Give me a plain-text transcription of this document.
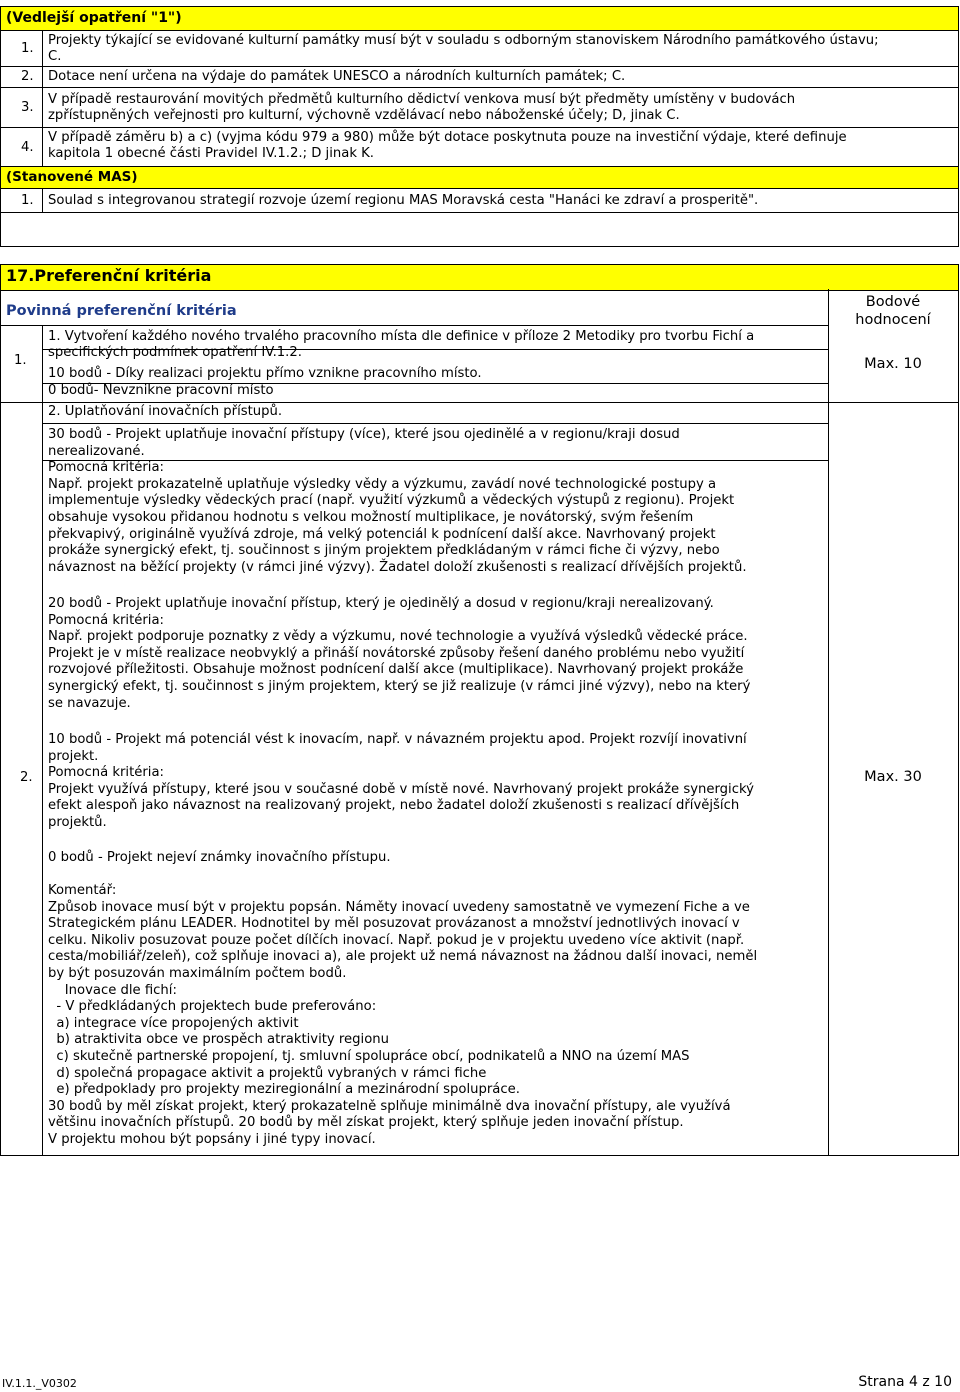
(Vedlejší opatření "1")
1.
Projekty týkající se evidované kulturní památky musí být v souladu s odborným stanoviskem Národního památkového ústavu;
C.
2. Dotace není určena na výdaje do památek UNESCO a národních kulturních památek; C.
3.
V případě restaurování movitých předmětů kulturního dědictví venkova musí být předměty umístěny v budovách
zpřístupněných veřejnosti pro kulturní, výchovně vzdělávací nebo náboženské účely; D, jinak C.
4.
V případě záměru b) a c) (vyjma kódu 979 a 980) může být dotace poskytnuta pouze na investiční výdaje, které definuje
kapitola 1 obecné části Pravidel IV.1.2.; D jinak K.
(Stanovené MAS)
1. Soulad s integrovanou strategií rozvoje území regionu MAS Moravská cesta "Hanáci ke zdraví a prosperitě".
17.Preferenční kritéria
Povinná preferenční kritéria
Bodové
hodnocení
1.
1. Vytvoření každého nového trvalého pracovního místa dle definice v příloze 2 Metodiky pro tvorbu Fichí a
specifických podmínek opatření IV.1.2.
10 bodů - Díky realizaci projektu přímo vznikne pracovního místo.
0 bodů- Nevznikne pracovní místo
Max. 10
2.
2. Uplatňování inovačních přístupů.
Max. 30
30 bodů - Projekt uplatňuje inovační přístupy (více), které jsou ojedinělé a v regionu/kraji dosud
nerealizované.
Pomocná kritéria:
Např. projekt prokazatelně uplatňuje výsledky vědy a výzkumu, zavádí nové technologické postupy a
implementuje výsledky vědeckých prací (např. využití výzkumů a vědeckých výstupů z regionu). Projekt
obsahuje vysokou přidanou hodnotu s velkou možností multiplikace, je novátorský, svým řešením
překvapivý, originálně využívá zdroje, má velký potenciál k podnícení další akce. Navrhovaný projekt
prokáže synergický efekt, tj. součinnost s jiným projektem předkládaným v rámci fiche či výzvy, nebo
návaznost na běžící projekty (v rámci jiné výzvy). Žadatel doloží zkušenosti s realizací dřívějších projektů.
20 bodů - Projekt uplatňuje inovační přístup, který je ojedinělý a dosud v regionu/kraji nerealizovaný.
Pomocná kritéria:
Např. projekt podporuje poznatky z vědy a výzkumu, nové technologie a využívá výsledků vědecké práce.
Projekt je v místě realizace neobvyklý a přináší novátorské způsoby řešení daného problému nebo využití
rozvojové příležitosti. Obsahuje možnost podnícení další akce (multiplikace). Navrhovaný projekt prokáže
synergický efekt, tj. součinnost s jiným projektem, který se již realizuje (v rámci jiné výzvy), nebo na který
se navazuje.
10 bodů - Projekt má potenciál vést k inovacím, např. v návazném projektu apod. Projekt rozvíjí inovativní
projekt.
Pomocná kritéria:
Projekt využívá přístupy, které jsou v současné době v místě nové. Navrhovaný projekt prokáže synergický
efekt alespoň jako návaznost na realizovaný projekt, nebo žadatel doloží zkušenosti s realizací dřívějších
projektů.
0 bodů - Projekt nejeví známky inovačního přístupu.
Komentář:
Způsob inovace musí být v projektu popsán. Náměty inovací uvedeny samostatně ve vymezení Fiche a ve
Strategickém plánu LEADER. Hodnotitel by měl posuzovat provázanost a množství jednotlivých inovací v
celku. Nikoliv posuzovat pouze počet dílčích inovací. Např. pokud je v projektu uvedeno více aktivit (např.
cesta/mobiliář/zeleň), což splňuje inovaci a), ale projekt už nemá návaznost na žádnou další inovaci, neměl
by být posuzován maximálním počtem bodů.
Inovace dle fichí:
- V předkládaných projektech bude preferováno:
a) integrace více propojených aktivit
b) atraktivita obce ve prospěch atraktivity regionu
c) skutečně partnerské propojení, tj. smluvní spolupráce obcí, podnikatelů a NNO na území MAS
d) společná propagace aktivit a projektů vybraných v rámci fiche
e) předpoklady pro projekty meziregionální a mezinárodní spolupráce.
30 bodů by měl získat projekt, který prokazatelně splňuje minimálně dva inovační přístupy, ale využívá
většinu inovačních přístupů. 20 bodů by měl získat projekt, který splňuje jeden inovační přístup.
V projektu mohou být popsány i jiné typy inovací.
IV.1.1._V0302	Strana 4 z 10
